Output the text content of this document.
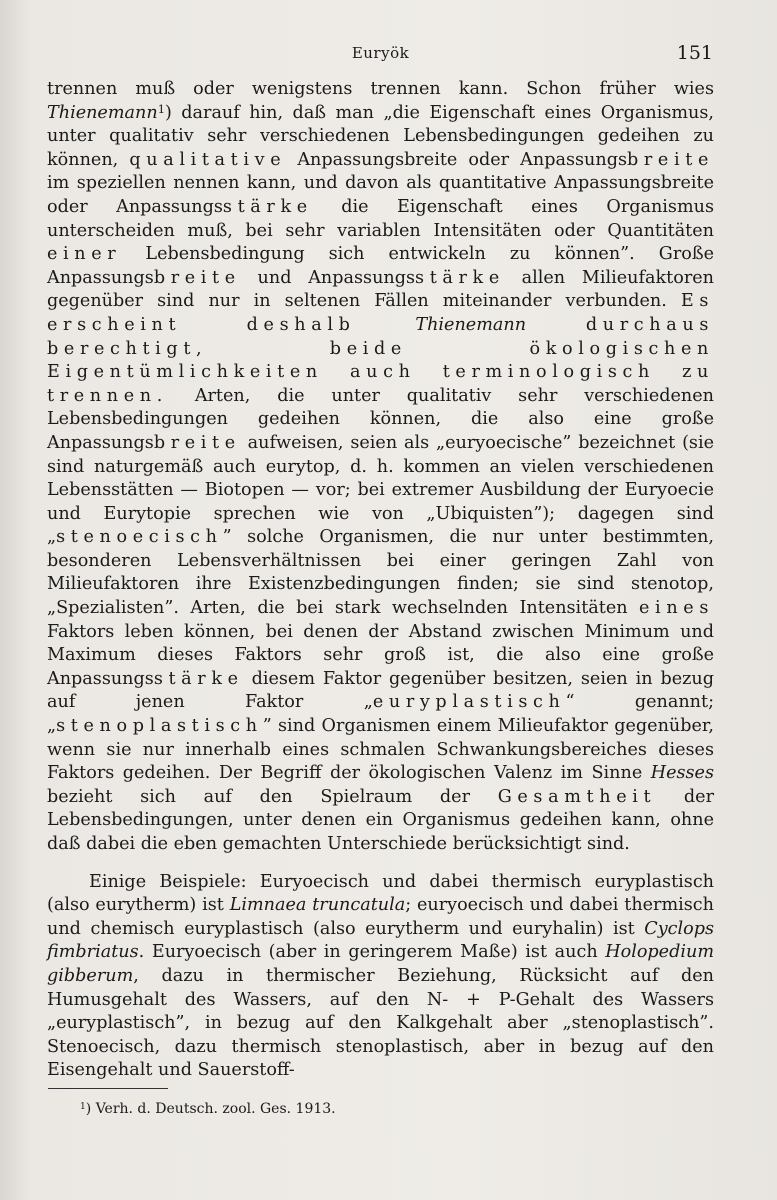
Euryök	151

trennen muß oder wenigstens trennen kann. Schon früher wies Thienemann$^1$) darauf hin, daß man „die Eigenschaft eines Organismus, unter qualitativ sehr verschiedenen Lebensbedingungen gedeihen zu können, qualitative Anpassungsbreite oder Anpassungsbreite im speziellen nennen kann, und davon als quantitative Anpassungsbreite oder Anpassungsstärke die Eigenschaft eines Organismus unterscheiden muß, bei sehr variablen Intensitäten oder Quantitäten einer Lebensbedingung sich entwickeln zu können”. Große Anpassungsbreite und Anpassungsstärke allen Milieufaktoren gegenüber sind nur in seltenen Fällen miteinander verbunden. Es erscheint deshalb	Thienemann	durchaus berechtigt, beide ökologischen Eigentümlichkeiten auch terminologisch zu trennen. Arten, die unter qualitativ sehr verschiedenen Lebensbedingungen gedeihen können, die also eine große Anpassungsbreite aufweisen, seien als „euryoecische” bezeichnet (sie sind naturgemäß auch eurytop, d. h. kommen an vielen verschiedenen Lebensstätten — Biotopen — vor; bei extremer Ausbildung der Euryoecie und Eurytopie sprechen wie von „Ubiquisten”); dagegen sind „stenoecisch” solche Organismen, die nur unter bestimmten, besonderen Lebensverhältnissen bei einer geringen Zahl von Milieufaktoren ihre Existenzbedingungen finden; sie sind stenotop, „Spezialisten”. Arten, die bei stark wechselnden Intensitäten eines Faktors leben können, bei denen der Abstand zwischen Minimum und Maximum dieses Faktors sehr groß ist, die also eine große Anpassungsstärke diesem Faktor gegenüber besitzen, seien in bezug auf jenen Faktor „euryplastisch“ genannt; „stenoplastisch” sind Organismen einem Milieufaktor gegenüber, wenn sie nur innerhalb eines schmalen Schwankungsbereiches dieses Faktors gedeihen. Der Begriff der ökologischen Valenz im Sinne Hesses bezieht sich auf den Spielraum der Gesamtheit der Lebensbedingungen, unter denen ein Organismus gedeihen kann, ohne daß dabei die eben gemachten Unterschiede berücksichtigt sind.

Einige Beispiele: Euryoecisch und dabei thermisch euryplastisch (also eurytherm) ist Limnaea truncatula; euryoecisch und dabei thermisch und chemisch euryplastisch (also eurytherm und euryhalin) ist Cyclops fimbriatus. Euryoecisch (aber in geringerem Maße) ist auch Holopedium gibberum, dazu in thermischer Beziehung, Rücksicht auf den Humusgehalt des Wassers, auf den N- + P-Gehalt des Wassers „euryplastisch”, in bezug auf den Kalkgehalt aber „stenoplastisch”. Stenoecisch, dazu thermisch stenoplastisch, aber in bezug auf den Eisengehalt und Sauerstoff-

$^1$) Verh. d. Deutsch. zool. Ges. 1913.
